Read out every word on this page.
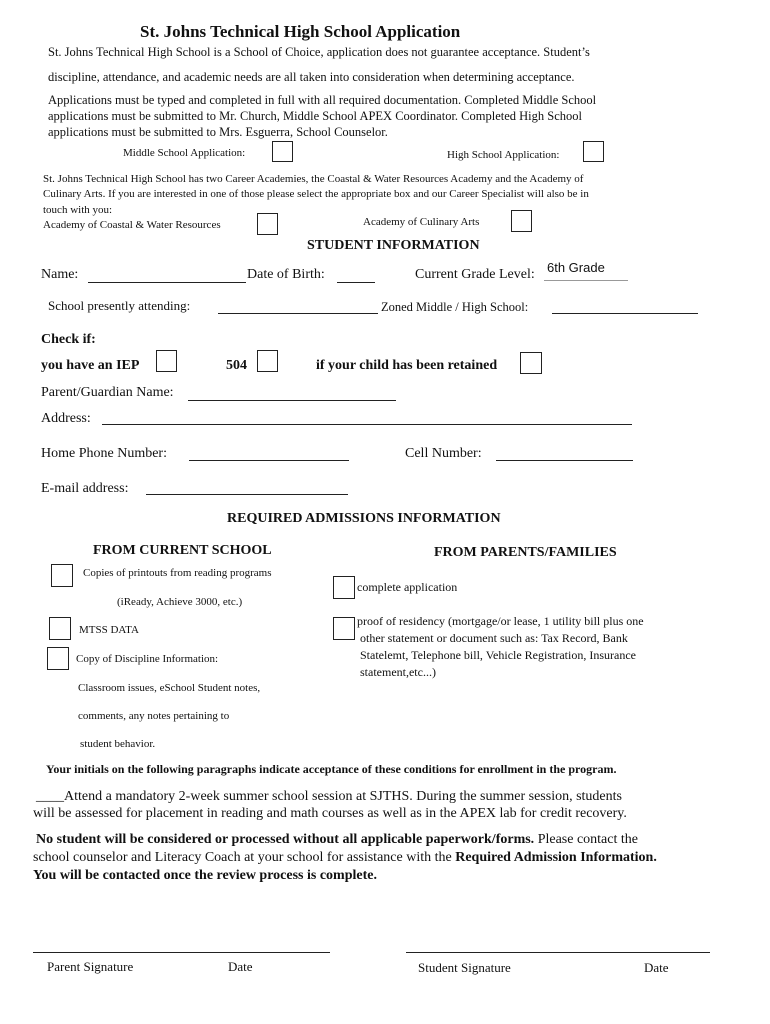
St. Johns Technical High School Application
St. Johns Technical High School is a School of Choice, application does not guarantee acceptance. Student’s
discipline, attendance, and academic needs are all taken into consideration when determining acceptance.
Applications must be typed and completed in full with all required documentation. Completed Middle School
applications must be submitted to Mr. Church, Middle School APEX Coordinator. Completed High School
applications must be submitted to Mrs. Esguerra, School Counselor.
Middle School Application:	High School Application:
St. Johns Technical High School has two Career Academies, the Coastal & Water Resources Academy and the Academy of
Culinary Arts. If you are interested in one of those please select the appropriate box and our Career Specialist will also be in
touch with you:
Academy of Coastal & Water Resources	Academy of Culinary Arts
STUDENT INFORMATION
Name:	Date of Birth:	Current Grade Level: 6th Grade
School presently attending:	Zoned Middle / High School:
Check if:
you have an IEP	504	if your child has been retained
Parent/Guardian Name:
Address:
Home Phone Number:	Cell Number:
E-mail address:
REQUIRED ADMISSIONS INFORMATION
FROM CURRENT SCHOOL	FROM PARENTS/FAMILIES
Copies of printouts from reading programs
(iReady, Achieve 3000, etc.)
MTSS DATA
Copy of Discipline Information:
Classroom issues, eSchool Student notes,
comments, any notes pertaining to
student behavior.
complete application
proof of residency (mortgage/or lease, 1 utility bill plus one
other statement or document such as: Tax Record, Bank
Statelemt, Telephone bill, Vehicle Registration, Insurance
statement,etc...)
Your initials on the following paragraphs indicate acceptance of these conditions for enrollment in the program.
____Attend a mandatory 2-week summer school session at SJTHS. During the summer session, students
will be assessed for placement in reading and math courses as well as in the APEX lab for credit recovery.
No student will be considered or processed without all applicable paperwork/forms. Please contact the
school counselor and Literacy Coach at your school for assistance with the Required Admission Information.
You will be contacted once the review process is complete.
Parent Signature	Date	Student Signature	Date
